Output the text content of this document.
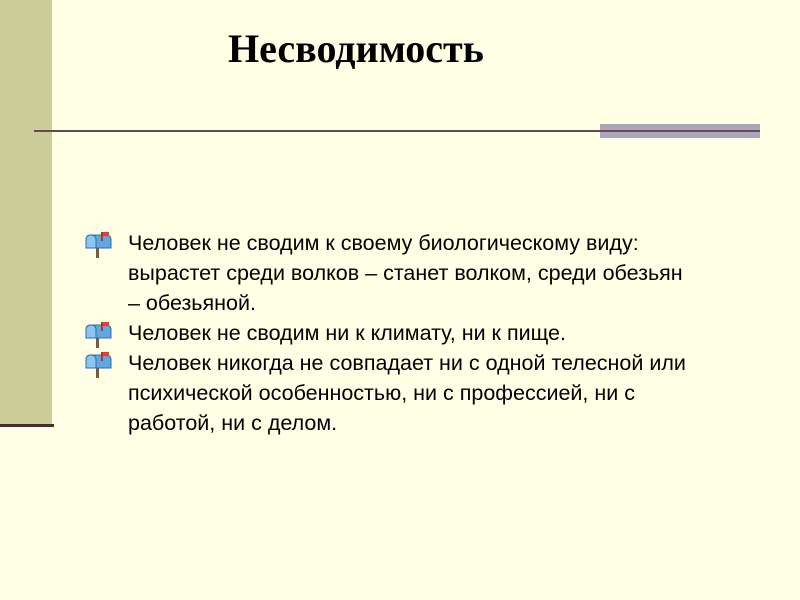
Несводимость
Человек не сводим к своему биологическому виду: вырастет среди волков – станет волком, среди обезьян – обезьяной.
Человек не сводим ни к климату, ни к пище.
Человек никогда не совпадает ни с одной телесной или психической особенностью, ни с профессией, ни с работой, ни с делом.
